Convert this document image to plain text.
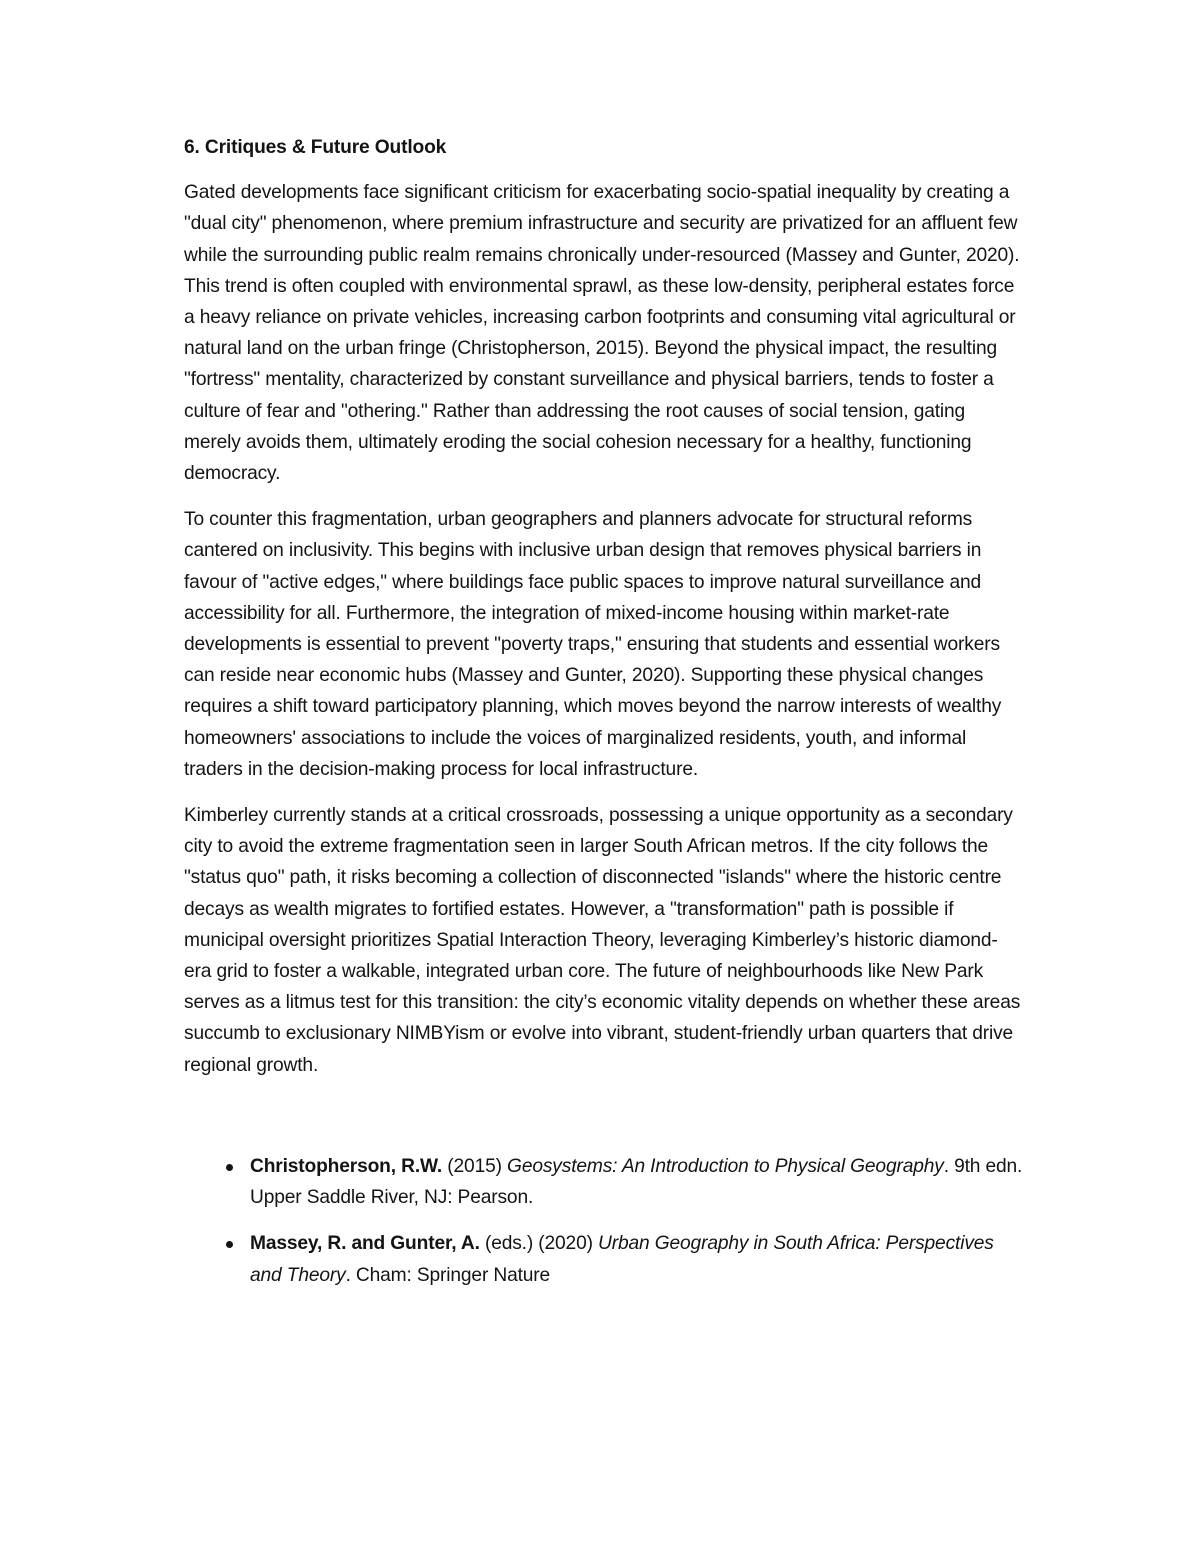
6. Critiques & Future Outlook

Gated developments face significant criticism for exacerbating socio-spatial inequality by creating a "dual city" phenomenon, where premium infrastructure and security are privatized for an affluent few while the surrounding public realm remains chronically under-resourced (Massey and Gunter, 2020). This trend is often coupled with environmental sprawl, as these low-density, peripheral estates force a heavy reliance on private vehicles, increasing carbon footprints and consuming vital agricultural or natural land on the urban fringe (Christopherson, 2015). Beyond the physical impact, the resulting "fortress" mentality, characterized by constant surveillance and physical barriers, tends to foster a culture of fear and "othering." Rather than addressing the root causes of social tension, gating merely avoids them, ultimately eroding the social cohesion necessary for a healthy, functioning democracy.

To counter this fragmentation, urban geographers and planners advocate for structural reforms cantered on inclusivity. This begins with inclusive urban design that removes physical barriers in favour of "active edges," where buildings face public spaces to improve natural surveillance and accessibility for all. Furthermore, the integration of mixed-income housing within market-rate developments is essential to prevent "poverty traps," ensuring that students and essential workers can reside near economic hubs (Massey and Gunter, 2020). Supporting these physical changes requires a shift toward participatory planning, which moves beyond the narrow interests of wealthy homeowners' associations to include the voices of marginalized residents, youth, and informal traders in the decision-making process for local infrastructure.

Kimberley currently stands at a critical crossroads, possessing a unique opportunity as a secondary city to avoid the extreme fragmentation seen in larger South African metros. If the city follows the "status quo" path, it risks becoming a collection of disconnected "islands" where the historic centre decays as wealth migrates to fortified estates. However, a "transformation" path is possible if municipal oversight prioritizes Spatial Interaction Theory, leveraging Kimberley’s historic diamond-era grid to foster a walkable, integrated urban core. The future of neighbourhoods like New Park serves as a litmus test for this transition: the city’s economic vitality depends on whether these areas succumb to exclusionary NIMBYism or evolve into vibrant, student-friendly urban quarters that drive regional growth.

Christopherson, R.W. (2015) Geosystems: An Introduction to Physical Geography. 9th edn. Upper Saddle River, NJ: Pearson.
Massey, R. and Gunter, A. (eds.) (2020) Urban Geography in South Africa: Perspectives and Theory. Cham: Springer Nature
